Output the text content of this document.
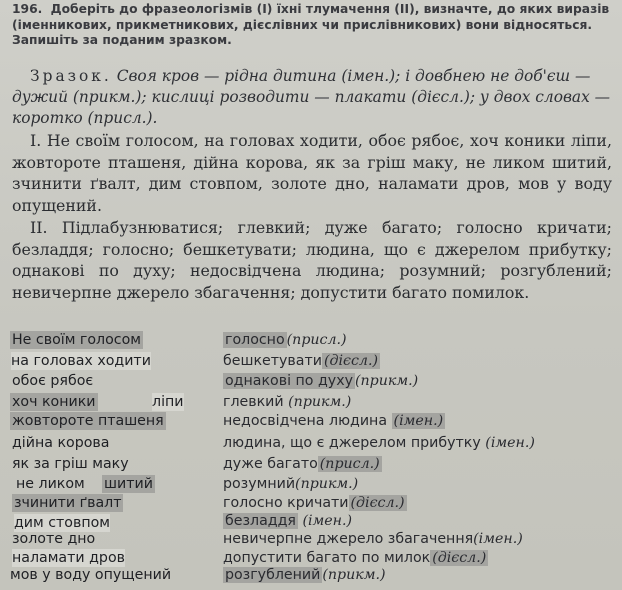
196. Доберіть до фразеологізмів (І) їхні тлумачення (ІІ), визначте, до яких виразів (іменникових, прикметникових, дієслівних чи прислівникових) вони відносяться. Запишіть за поданим зразком.
Зразок. Своя кров — рідна дитина (імен.); і довбнею не доб'єш — дужий (прикм.); кислиці розводити — плакати (дієсл.); у двох словах — коротко (присл.).
І. Не своїм голосом, на головах ходити, обоє рябоє, хоч коники ліпи, жовтороте пташеня, дійна корова, як за гріш маку, не ликом шитий, зчинити ґвалт, дим стовпом, золоте дно, наламати дров, мов у воду опущений.
ІІ. Підлабузнюватися; глевкий; дуже багато; голосно кричати; безладдя; голосно; бешкетувати; людина, що є джерелом прибутку; однакові по духу; недосвідчена людина; розумний; розгублений; невичерпне джерело збагачення; допустити багато помилок.
Не своїм голосом
на головах ходити
обоє рябоє
хоч коники	ліпи
жовтороте пташеня
дійна корова
як за гріш маку
не ликом шитий
зчинити ґвалт
дим стовпом
золоте дно
наламати дров
мов у воду опущений
голосно (присл.)
бешкетувати (дієсл.)
однакові по духу (прикм.)
глевкий (прикм.)
недосвідчена людина (імен.)
людина, що є джерелом прибутку (імен.)
дуже багато (присл.)
розумний(прикм.)
голосно кричати (дієсл.)
безладдя (імен.)
невичерпне джерело збагачення(імен.)
допустити багато по милок (дієсл.)
розгублений (прикм.)
